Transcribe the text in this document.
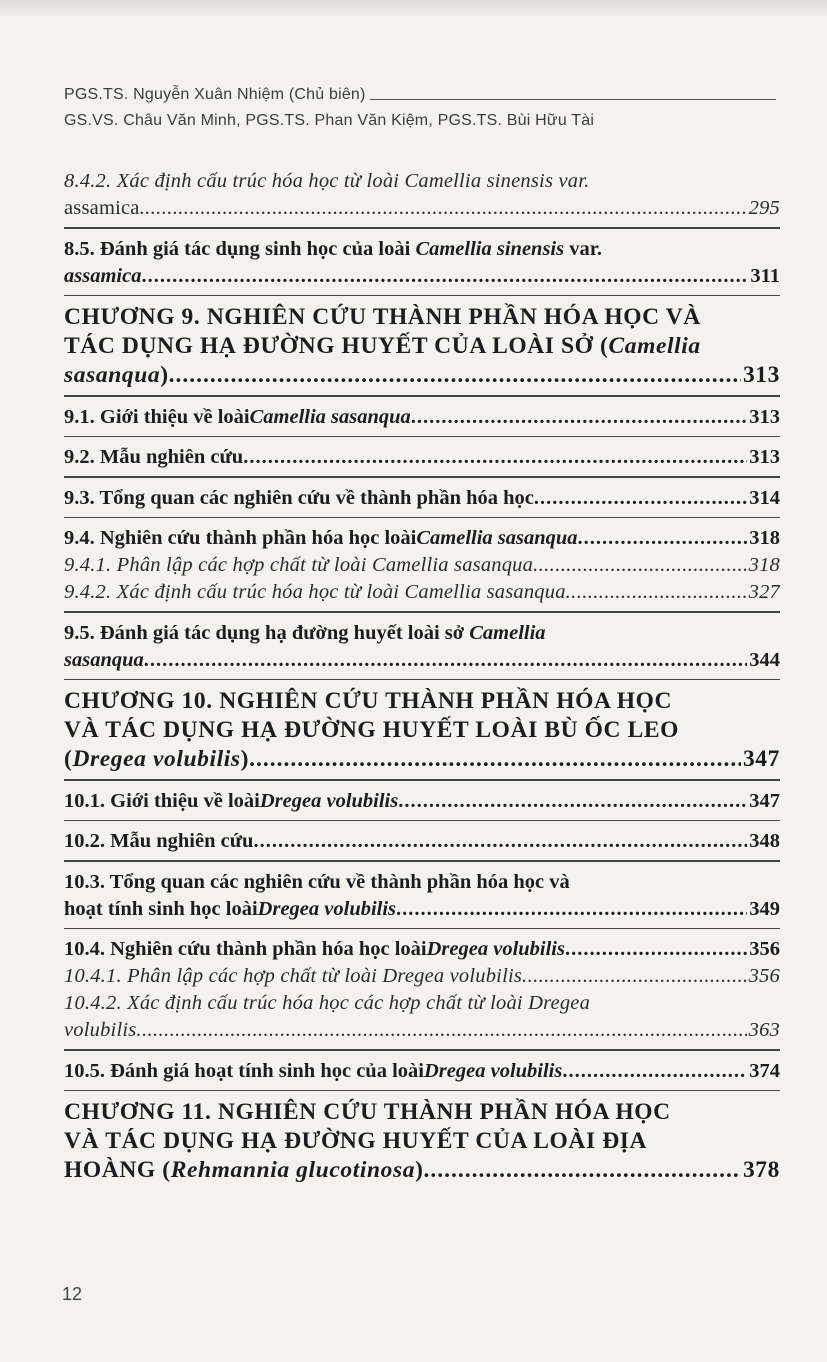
PGS.TS. Nguyễn Xuân Nhiệm (Chủ biên)
GS.VS. Châu Văn Minh, PGS.TS. Phan Văn Kiệm, PGS.TS. Bùi Hữu Tài
8.4.2. Xác định cấu trúc hóa học từ loài Camellia sinensis var.
assamica .....	295
8.5. Đánh giá tác dụng sinh học của loài Camellia sinensis var.
assamica .....	311
CHƯƠNG 9. NGHIÊN CỨU THÀNH PHẦN HÓA HỌC VÀ
TÁC DỤNG HẠ ĐƯỜNG HUYẾT CỦA LOÀI SỞ (Camellia
sasanqua ) .....	313
9.1. Giới thiệu về loài Camellia sasanqua .....	313
9.2. Mẫu nghiên cứu .....	313
9.3. Tổng quan các nghiên cứu về thành phần hóa học .....	314
9.4. Nghiên cứu thành phần hóa học loài Camellia sasanqua .....	318
9.4.1. Phân lập các hợp chất từ loài Camellia sasanqua .....	318
9.4.2. Xác định cấu trúc hóa học từ loài Camellia sasanqua .....	327
9.5. Đánh giá tác dụng hạ đường huyết loài sở Camellia
sasanqua .....	344
CHƯƠNG 10. NGHIÊN CỨU THÀNH PHẦN HÓA HỌC
VÀ TÁC DỤNG HẠ ĐƯỜNG HUYẾT LOÀI BÙ ỐC LEO
( Dregea volubilis ) .....	347
10.1. Giới thiệu về loài Dregea volubilis .....	347
10.2. Mẫu nghiên cứu .....	348
10.3. Tổng quan các nghiên cứu về thành phần hóa học và
hoạt tính sinh học loài Dregea volubilis .....	349
10.4. Nghiên cứu thành phần hóa học loài Dregea volubilis .....	356
10.4.1. Phân lập các hợp chất từ loài Dregea volubilis .....	356
10.4.2. Xác định cấu trúc hóa học các hợp chất từ loài Dregea
volubilis .....	363
10.5. Đánh giá hoạt tính sinh học của loài Dregea volubilis .....	374
CHƯƠNG 11. NGHIÊN CỨU THÀNH PHẦN HÓA HỌC
VÀ TÁC DỤNG HẠ ĐƯỜNG HUYẾT CỦA LOÀI ĐỊA
HOÀNG ( Rehmannia glucotinosa ) .....	378
12
